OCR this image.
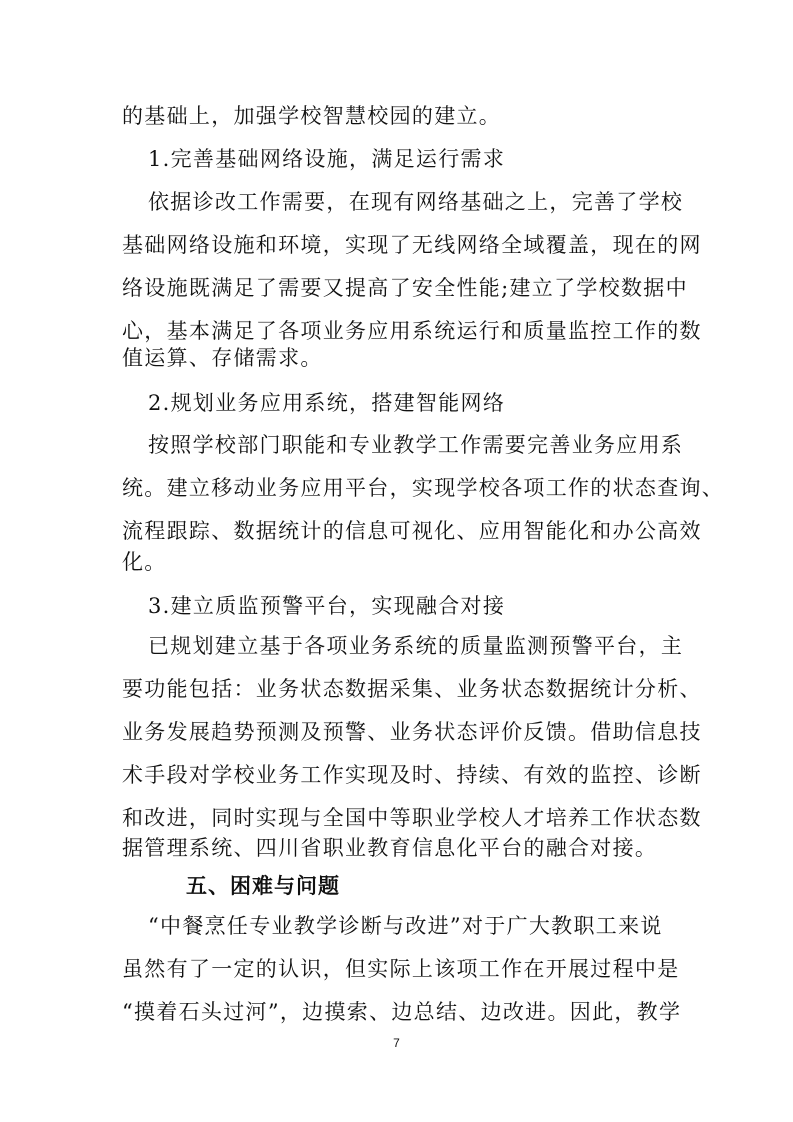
的基础上，加强学校智慧校园的建立。
1.完善基础网络设施，满足运行需求
依据诊改工作需要，在现有网络基础之上，完善了学校
基础网络设施和环境，实现了无线网络全域覆盖，现在的网
络设施既满足了需要又提高了安全性能;建立了学校数据中
心，基本满足了各项业务应用系统运行和质量监控工作的数
值运算、存储需求。
2.规划业务应用系统，搭建智能网络
按照学校部门职能和专业教学工作需要完善业务应用系
统。建立移动业务应用平台，实现学校各项工作的状态查询、
流程跟踪、数据统计的信息可视化、应用智能化和办公高效
化。
3.建立质监预警平台，实现融合对接
已规划建立基于各项业务系统的质量监测预警平台，主
要功能包括：业务状态数据采集、业务状态数据统计分析、
业务发展趋势预测及预警、业务状态评价反馈。借助信息技
术手段对学校业务工作实现及时、持续、有效的监控、诊断
和改进，同时实现与全国中等职业学校人才培养工作状态数
据管理系统、四川省职业教育信息化平台的融合对接。
五、困难与问题
“中餐烹任专业教学诊断与改进”对于广大教职工来说
虽然有了一定的认识，但实际上该项工作在开展过程中是
“摸着石头过河”，边摸索、边总结、边改进。因此，教学
7
